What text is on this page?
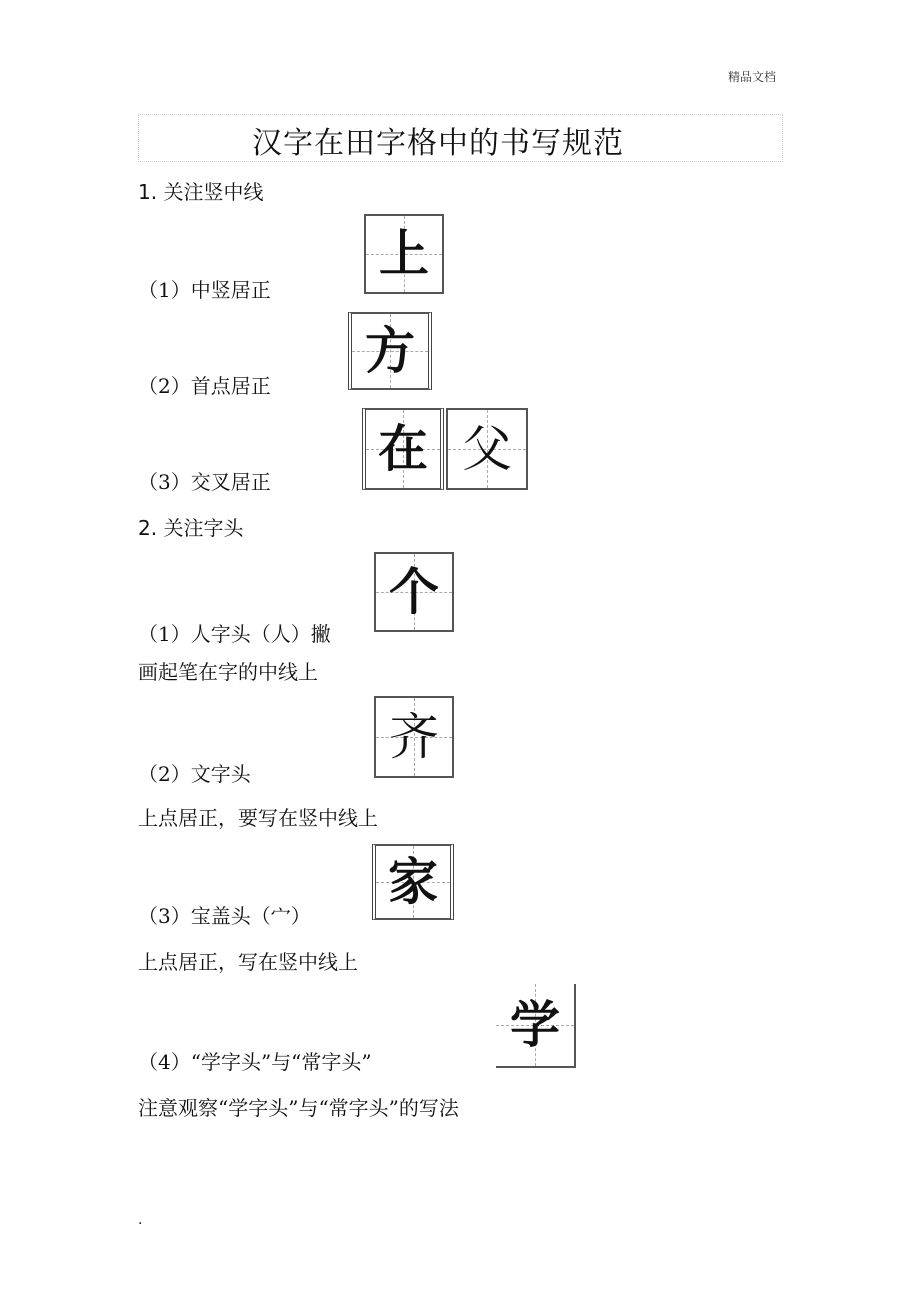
精品文档
汉字在田字格中的书写规范
1. 关注竖中线
（1）中竖居正
上
（2）首点居正
方
（3）交叉居正
在 父
2. 关注字头
（1）人字头（人）撇
画起笔在字的中线上
个
（2）文字头
上点居正，要写在竖中线上
齐
（3）宝盖头（宀）
上点居正，写在竖中线上
家
（4）“学字头”与“常字头”
注意观察“学字头”与“常字头”的写法
学
.
